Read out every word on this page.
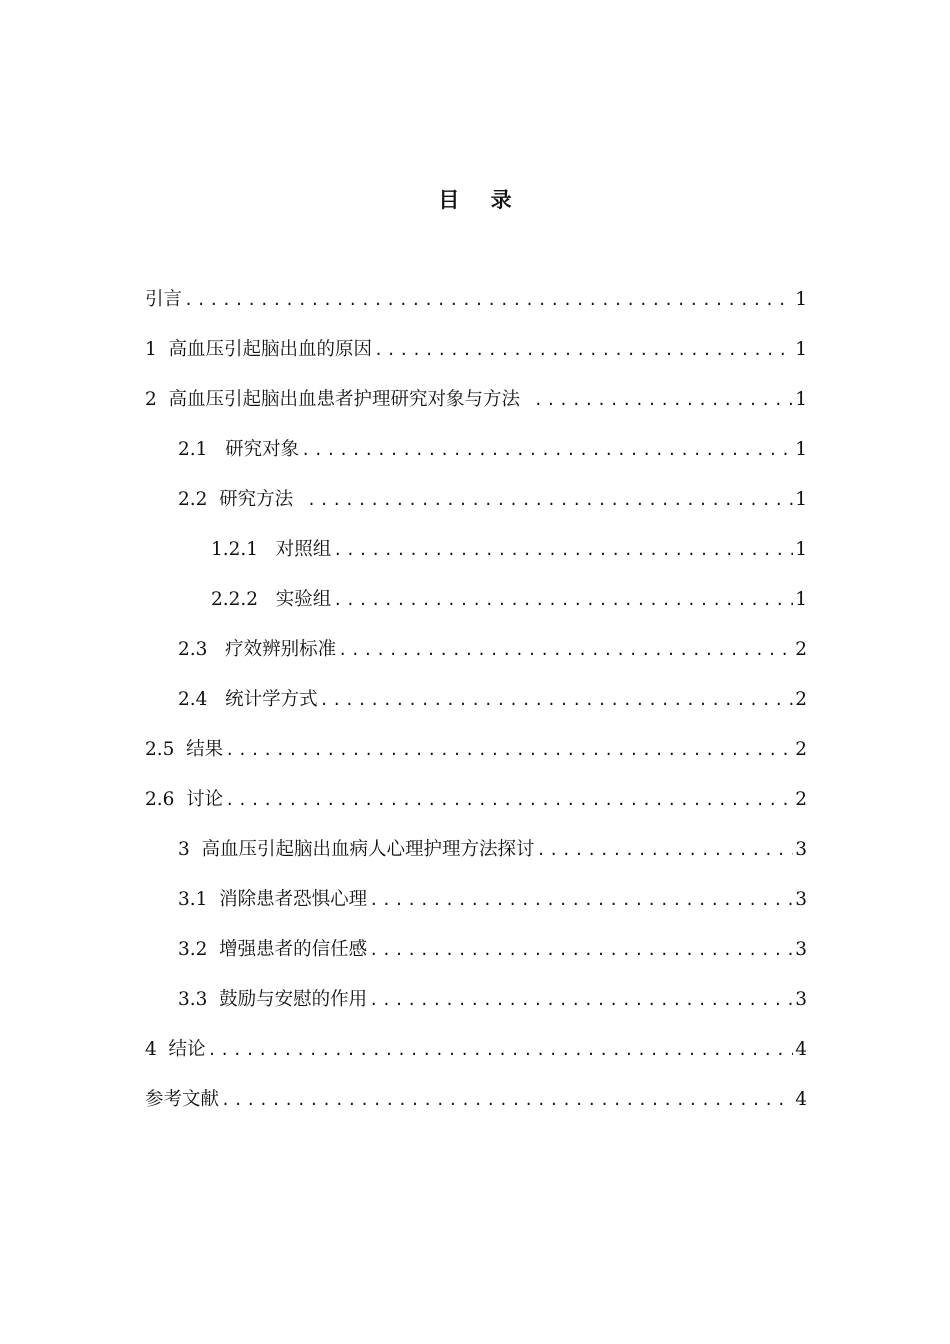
目 录
引言 .....	1
1  高血压引起脑出血的原因 .....	1
2  高血压引起脑出血患者护理研究对象与方法 .....	1
2.1   研究对象 .....	1
2.2  研究方法 .....	1
1.2.1   对照组 .....	1
2.2.2   实验组 .....	1
2.3   疗效辨别标准 .....	2
2.4   统计学方式 .....	2
2.5  结果 .....	2
2.6  讨论 .....	2
3  高血压引起脑出血病人心理护理方法探讨 .....	3
3.1  消除患者恐惧心理 .....	3
3.2  增强患者的信任感 .....	3
3.3  鼓励与安慰的作用 .....	3
4  结论 .....	4
参考文献 .....	4
